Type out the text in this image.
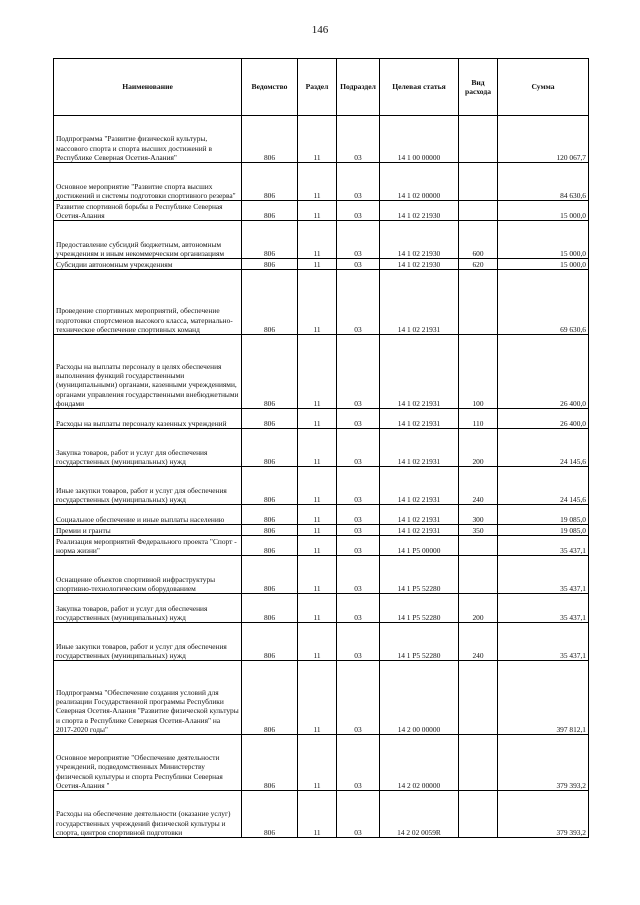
146
Наименование	Ведомство	Раздел	Подраздел	Целевая статья	Вид расхода	Сумма
Подпрограмма "Развитие физической культуры, массового спорта и спорта высших достижений в Республике Северная Осетия-Алания"	806	11	03	14 1 00 00000		120 067,7
Основное мероприятие "Развитие спорта высших достижений и системы подготовки спортивного резерва"	806	11	03	14 1 02 00000		84 630,6
Развитие спортивной борьбы в Республике Северная Осетия-Алания	806	11	03	14 1 02 21930		15 000,0
Предоставление субсидий бюджетным, автономным учреждениям и иным некоммерческим организациям	806	11	03	14 1 02 21930	600	15 000,0
Субсидии автономным учреждениям	806	11	03	14 1 02 21930	620	15 000,0
Проведение спортивных мероприятий, обеспечение подготовки спортсменов высокого класса, материально-техническое обеспечение спортивных команд	806	11	03	14 1 02 21931		69 630,6
Расходы на выплаты персоналу в целях обеспечения выполнения функций государственными (муниципальными) органами, казенными учреждениями, органами управления государственными внебюджетными фондами	806	11	03	14 1 02 21931	100	26 400,0
Расходы на выплаты персоналу казенных учреждений	806	11	03	14 1 02 21931	110	26 400,0
Закупка товаров, работ и услуг для обеспечения государственных (муниципальных) нужд	806	11	03	14 1 02 21931	200	24 145,6
Иные закупки товаров, работ и услуг для обеспечения государственных (муниципальных) нужд	806	11	03	14 1 02 21931	240	24 145,6
Социальное обеспечение и иные выплаты населению	806	11	03	14 1 02 21931	300	19 085,0
Премии и гранты	806	11	03	14 1 02 21931	350	19 085,0
Реализация мероприятий Федерального проекта "Спорт - норма жизни"	806	11	03	14 1 P5 00000		35 437,1
Оснащение объектов спортивной инфраструктуры спортивно-технологическим оборудованием	806	11	03	14 1 P5 52280		35 437,1
Закупка товаров, работ и услуг для обеспечения государственных (муниципальных) нужд	806	11	03	14 1 P5 52280	200	35 437,1
Иные закупки товаров, работ и услуг для обеспечения государственных (муниципальных) нужд	806	11	03	14 1 P5 52280	240	35 437,1
Подпрограмма "Обеспечение создания условий для реализации Государственной программы Республики Северная Осетия-Алания "Развитие физической культуры и спорта в Республике Северная Осетия-Алания" на 2017-2020 годы"	806	11	03	14 2 00 00000		397 812,1
Основное мероприятие "Обеспечение деятельности учреждений, подведомственных Министерству физической культуры и спорта Республики Северная Осетия-Алания "	806	11	03	14 2 02 00000		379 393,2
Расходы на обеспечение деятельности (оказание услуг) государственных учреждений физической культуры и спорта, центров спортивной подготовки	806	11	03	14 2 02 0059R		379 393,2
